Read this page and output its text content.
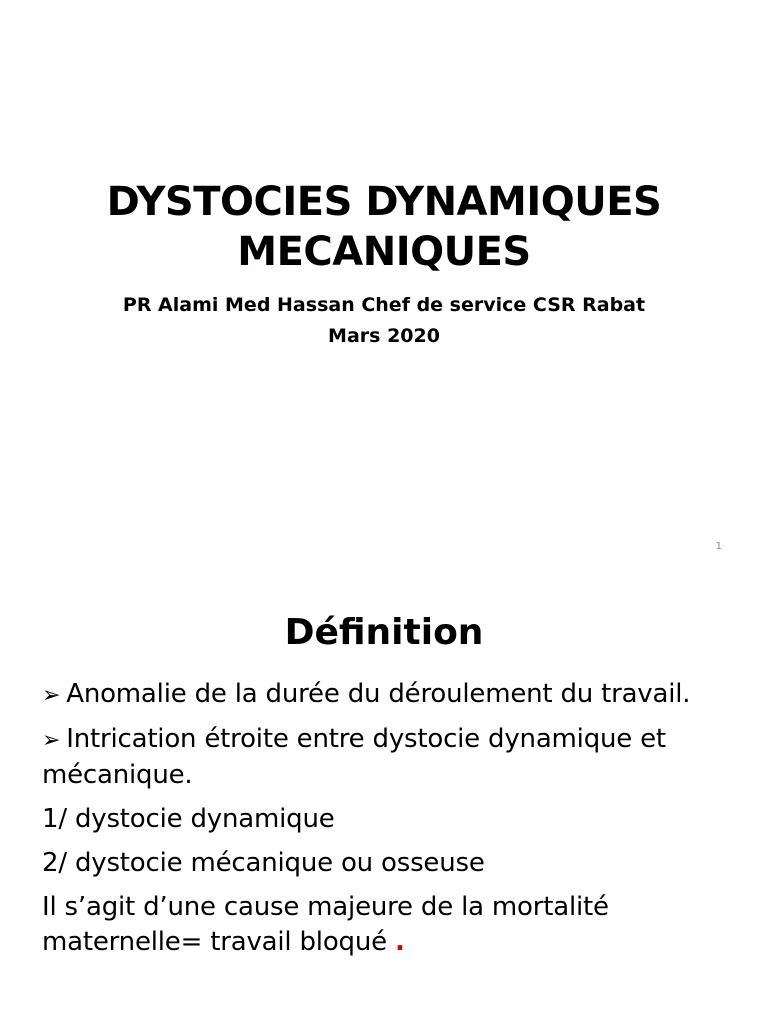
DYSTOCIES DYNAMIQUES
MECANIQUES
PR Alami Med Hassan Chef de service CSR Rabat
Mars 2020
1
Définition

➢ Anomalie de la durée du déroulement du travail.

➢ Intrication étroite entre dystocie dynamique et mécanique.

1/ dystocie dynamique

2/ dystocie mécanique ou osseuse

Il s’agit d’une cause majeure de la mortalité maternelle= travail bloqué .
